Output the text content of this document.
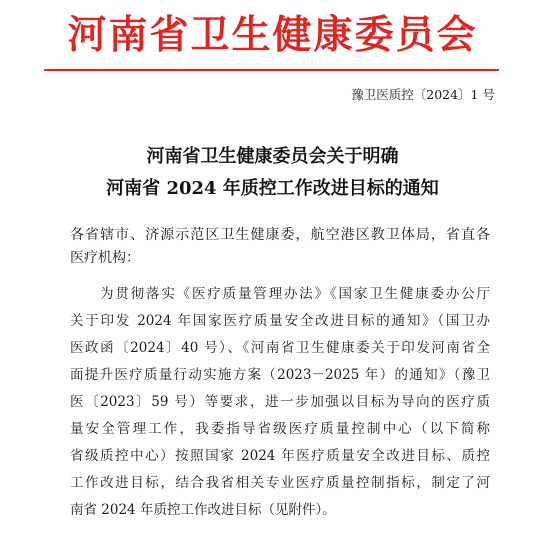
河南省卫生健康委员会
豫卫医质控〔2024〕1 号
河南省卫生健康委员会关于明确
河南省 2024 年质控工作改进目标的通知
各省辖市、济源示范区卫生健康委，航空港区教卫体局，省直各
医疗机构：
为贯彻落实《医疗质量管理办法》《国家卫生健康委办公厅
关于印发 2024 年国家医疗质量安全改进目标的通知》（国卫办
医政函〔2024〕40 号）、《河南省卫生健康委关于印发河南省全
面提升医疗质量行动实施方案（2023－2025 年）的通知》（豫卫
医〔2023〕59 号）等要求，进一步加强以目标为导向的医疗质
量安全管理工作，我委指导省级医疗质量控制中心（以下简称
省级质控中心）按照国家 2024 年医疗质量安全改进目标、质控
工作改进目标，结合我省相关专业医疗质量控制指标，制定了河
南省 2024 年质控工作改进目标（见附件）。
